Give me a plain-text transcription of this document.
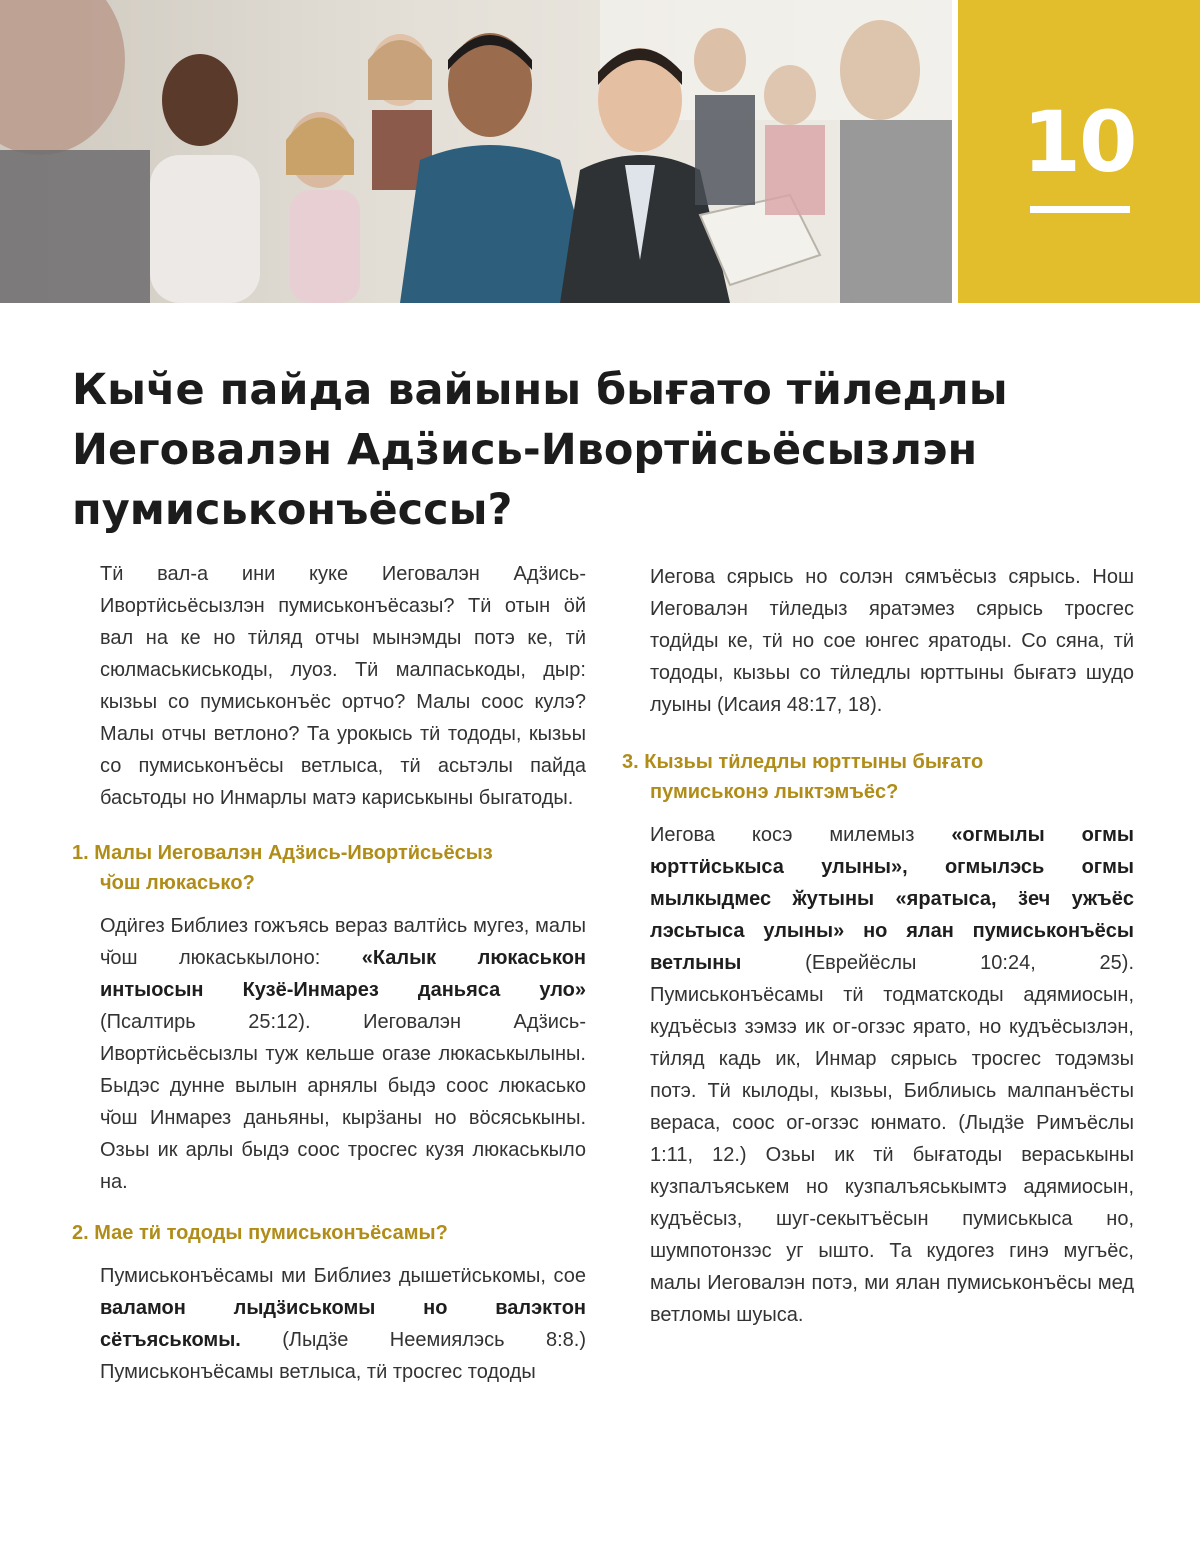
10
Кыч̆е пайда вайыны бығато тӥледлы
Иеговалэн Адӟись-Ивортӥсьёсызлэн
пумиськонъёссы?

Тӥ вал-а ини куке Иеговалэн Адӟись-Ивортӥсьёсызлэн пумиськонъёсазы? Тӥ отын ӧй вал на ке но тӥляд отчы мынэмды потэ ке, тӥ сюлмаськиськоды, луоз. Тӥ малпаськоды, дыр: кызьы со пумиськонъёс ортчо? Малы соос кулэ? Малы отчы ветлоно? Та урокысь тӥ тододы, кызьы со пумиськонъёсы ветлыса, тӥ асьтэлы пайда басьтоды но Инмарлы матэ кариськыны быгатоды.

1. Малы Иеговалэн Адӟись-Ивортӥсьёсыз
ч̆ош люкаськo?

Одӥгез Библиез гожъясь вераз валтӥсь мугез, малы ч̆ош люкаськылоно: «Калык люкаськон интыосын Кузё-Инмарез даньяса уло» (Псалтирь 25:12). Иеговалэн Адӟись-Ивортӥсьёсызлы туж кельше огазе люкаськылыны. Быдэс дунне вылын арнялы быдэ соос люкаськo ч̆ош Инмарез даньяны, кырӟаны но вӧсяськыны. Озьы ик арлы быдэ соос тросгес кузя люкаськыло на.

2. Мае тӥ тододы пумиськонъёсамы?

Пумиськонъёсамы ми Библиез дышетӥськомы, сое валамон лыдӟиськомы но валэктон сётъяськомы. (Лыдӟе Неемиялэсь 8:8.) Пумиськонъёсамы ветлыса, тӥ тросгес тододы

Иегова сярысь но солэн сямъёсыз сярысь. Нош Иеговалэн тӥледыз яратэмез сярысь тросгес тодӥды ке, тӥ но сое юнгес яратоды. Со сяна, тӥ тододы, кызьы со тӥледлы юрттыны бығатэ шудо луыны (Исаия 48:17, 18).

3. Кызьы тӥледлы юрттыны бығато
пумиськонэ лыктэмъёс?

Иегова косэ милемыз «огмылы огмы юрттӥськыса улыны», огмылэсь огмы мылкыдмес ӂутыны «яратыса, ӟеч ужъёс лэсьтыса улыны» но ялан пумиськонъёсы ветлыны (Еврейёслы 10:24, 25). Пумиськонъёсамы тӥ тодматскоды адямиосын, кудъёсыз зэмзэ ик ог-огзэс ярато, но кудъёсызлэн, тӥляд кадь ик, Инмар сярысь тросгес тодэмзы потэ. Тӥ кылоды, кызьы, Библиысь малпанъёсты вераса, соос ог-огзэс юнмато. (Лыдӟе Римъёслы 1:11, 12.) Озьы ик тӥ бығатоды вераськыны кузпалъяськем но кузпалъяськымтэ адямиосын, кудъёсыз, шуг-секытъёсын пумиськыса но, шумпотонзэс уг ыштo. Та кудогез гинэ мугъёс, малы Иеговалэн потэ, ми ялан пумиськонъёсы мед ветломы шуыса.
